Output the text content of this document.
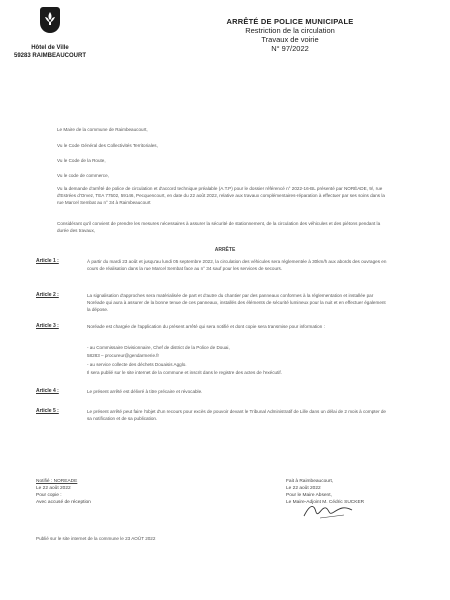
Hôtel de Ville
59283 RAIMBEAUCOURT
ARRÊTÉ DE POLICE MUNICIPALE
Restriction de la circulation
Travaux de voirie
N° 97/2022
Le Maire de la commune de Raimbeaucourt,
Vu le Code Général des Collectivités Territoriales,
Vu le Code de la Route,
Vu le code de commerce,
Vu la demande d'arrêté de police de circulation et d'accord technique préalable (A.T.P) pour le dossier référencé n° 2022-16-BL présenté par NORÉADE, 9/, rue d'Estrées d'Orvez, TEA 77502, 59146, Pecquencourt, en date du 22 août 2022, relative aux travaux complémentaires-réparation à effectuer par ses soins dans la rue Marcel Sembat au n° 34 à Raimbeaucourt
Considérant qu'il convient de prendre les mesures nécessaires à assurer la sécurité de stationnement, de la circulation des véhicules et des piétons pendant la durée des travaux,
ARRÊTE
Article 1 :	À partir du mardi 23 août et jusqu'au lundi 05 septembre 2022, la circulation des véhicules sera réglementée à 30km/h aux abords des ouvrages en cours de réalisation dans la rue Marcel Sembat face au n° 34 sauf pour les services de secours.
Article 2 :	La signalisation d'approches sera matérialisée de part et d'autre du chantier par des panneaux conformes à la réglementation et installée par Noréade qui aura à assurer de la bonne tenue de ces panneaux, installés des éléments de sécurité lumineux pour la nuit et en effectuer également la dépose.
Article 3 :	Noréade est chargée de l'application du présent arrêté qui sera notifié et dont copie sera transmise pour information :
- au Commissaire Divisionnaire, Chef de district de la Police de Douai,
58283 – procureur@gendarmerie.fr
- au service collecte des déchets Douaisis Agglo.
Il sera publié sur le site internet de la commune et inscrit dans le registre des actes de l'exécutif.
Article 4 :	Le présent arrêté est délivré à titre précaire et révocable.
Article 5 :	Le présent arrêté peut faire l'objet d'un recours pour excès de pouvoir devant le Tribunal Administratif de Lille dans un délai de 2 mois à compter de sa notification et de sa publication.
Notifié : NOREADE
Le 22 août 2022
Pour copie :
Avec accusé de réception
Fait à Raimbeaucourt,
Le 22 août 2022
Pour le Maire Absent,
Le Maire-Adjoint M. Cédric SUCKER
Publié sur le site internet de la commune le 23 AOÛT 2022
